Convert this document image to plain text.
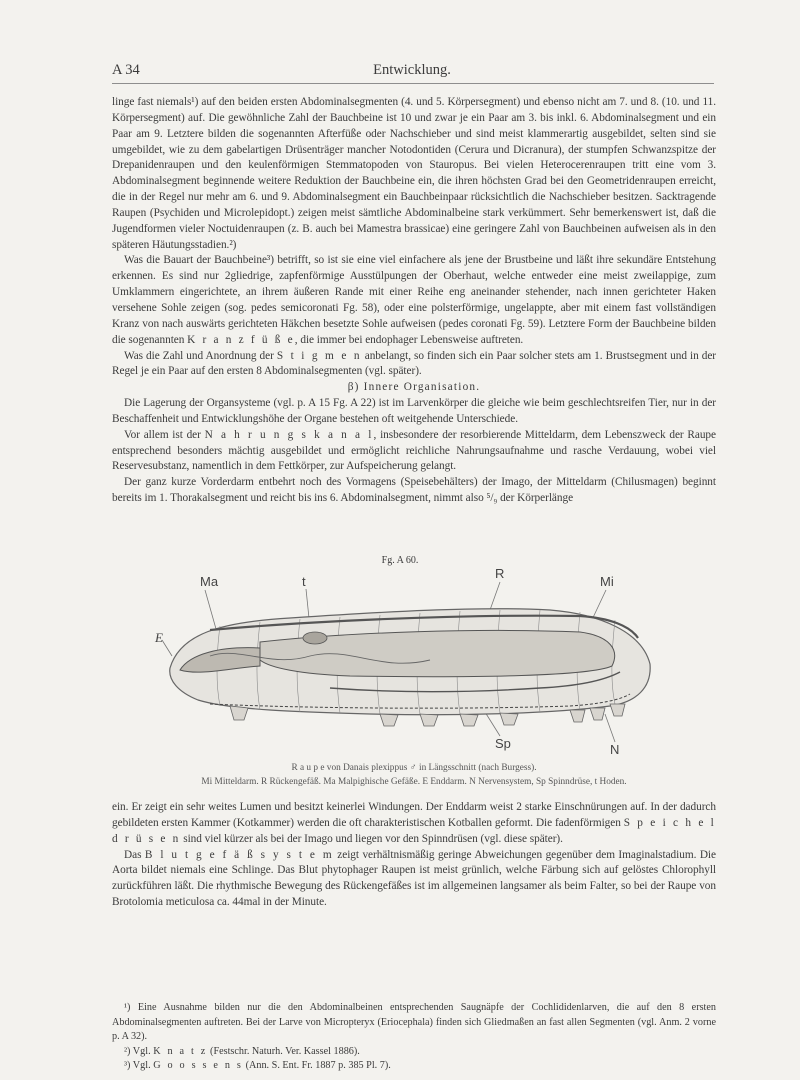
A 34	Entwicklung.

linge fast niemals¹) auf den beiden ersten Abdominalsegmenten (4. und 5. Körpersegment) und ebenso nicht am 7. und 8. (10. und 11. Körpersegment) auf. Die gewöhnliche Zahl der Bauchbeine ist 10 und zwar je ein Paar am 3. bis inkl. 6. Abdominalsegment und ein Paar am 9. Letztere bilden die sogenannten Afterfüße oder Nachschieber und sind meist klammerartig ausgebildet, selten sind sie umgebildet, wie zu dem gabelartigen Drüsenträger mancher Notodontiden (Cerura und Dicranura), der stumpfen Schwanzspitze der Drepanidenraupen und den keulenförmigen Stemmatopoden von Stauropus. Bei vielen Heterocerenraupen tritt eine vom 3. Abdominalsegment beginnende weitere Reduktion der Bauchbeine ein, die ihren höchsten Grad bei den Geometridenraupen erreicht, die in der Regel nur mehr am 6. und 9. Abdominalsegment ein Bauchbeinpaar rücksichtlich die Nachschieber besitzen. Sacktragende Raupen (Psychiden und Microlepidopt.) zeigen meist sämtliche Abdominalbeine stark verkümmert. Sehr bemerkenswert ist, daß die Jugendformen vieler Noctuidenraupen (z. B. auch bei Mamestra brassicae) eine geringere Zahl von Bauchbeinen aufweisen als in den späteren Häutungsstadien.²)

Was die Bauart der Bauchbeine³) betrifft, so ist sie eine viel einfachere als jene der Brustbeine und läßt ihre sekundäre Entstehung erkennen. Es sind nur 2gliedrige, zapfenförmige Ausstülpungen der Oberhaut, welche entweder eine meist zweilappige, zum Umklammern eingerichtete, an ihrem äußeren Rande mit einer Reihe eng aneinander stehender, nach innen gerichteter Haken versehene Sohle zeigen (sog. pedes semicoronati Fg. 58), oder eine polsterförmige, ungelappte, aber mit einem fast vollständigen Kranz von nach auswärts gerichteten Häkchen besetzte Sohle aufweisen (pedes coronati Fg. 59). Letztere Form der Bauchbeine bilden die sogenannten K r a n z f ü ß e, die immer bei endophager Lebensweise auftreten.

Was die Zahl und Anordnung der S t i g m e n anbelangt, so finden sich ein Paar solcher stets am 1. Brustsegment und in der Regel je ein Paar auf den ersten 8 Abdominalsegmenten (vgl. später).

β) Innere Organisation.

Die Lagerung der Organsysteme (vgl. p. A 15 Fg. A 22) ist im Larvenkörper die gleiche wie beim geschlechtsreifen Tier, nur in der Beschaffenheit und Entwicklungshöhe der Organe bestehen oft weitgehende Unterschiede.

Vor allem ist der N a h r u n g s k a n a l, insbesondere der resorbierende Mitteldarm, dem Lebenszweck der Raupe entsprechend besonders mächtig ausgebildet und ermöglicht reichliche Nahrungsaufnahme und rasche Verdauung, wobei viel Reservesubstanz, namentlich in dem Fettkörper, zur Aufspeicherung gelangt.

Der ganz kurze Vorderdarm entbehrt noch des Vormagens (Speisebehälters) der Imago, der Mitteldarm (Chilusmagen) beginnt bereits im 1. Thorakalsegment und reicht bis ins 6. Abdominalsegment, nimmt also ⁵/₉ der Körperlänge

Fg. A 60.
Ma	t
R
Mi
E
Sp	N
R a u p e von Danais plexippus ♂ in Längsschnitt (nach Burgess).
Mi Mitteldarm. R Rückengefäß. Ma Malpighische Gefäße. E Enddarm. N Nervensystem, Sp Spinndrüse, t Hoden.

ein. Er zeigt ein sehr weites Lumen und besitzt keinerlei Windungen. Der Enddarm weist 2 starke Einschnürungen auf. In der dadurch gebildeten ersten Kammer (Kotkammer) werden die oft charakteristischen Kotballen geformt. Die fadenförmigen S p e i c h e l d r ü s e n sind viel kürzer als bei der Imago und liegen vor den Spinndrüsen (vgl. diese später).

Das B l u t g e f ä ß s y s t e m zeigt verhältnismäßig geringe Abweichungen gegenüber dem Imaginalstadium. Die Aorta bildet niemals eine Schlinge. Das Blut phytophager Raupen ist meist grünlich, welche Färbung sich auf gelöstes Chlorophyll zurückführen läßt. Die rhythmische Bewegung des Rückengefäßes ist im allgemeinen langsamer als beim Falter, so bei der Raupe von Brotolomia meticulosa ca. 44mal in der Minute.

¹) Eine Ausnahme bilden nur die den Abdominalbeinen entsprechenden Saugnäpfe der Cochlididenlarven, die auf den 8 ersten Abdominalsegmenten auftreten. Bei der Larve von Micropteryx (Eriocephala) finden sich Gliedmaßen an fast allen Segmenten (vgl. Anm. 2 vorne p. A 32).

²) Vgl. K n a t z (Festschr. Naturh. Ver. Kassel 1886).

³) Vgl. G o o s s e n s (Ann. S. Ent. Fr. 1887 p. 385 Pl. 7).
